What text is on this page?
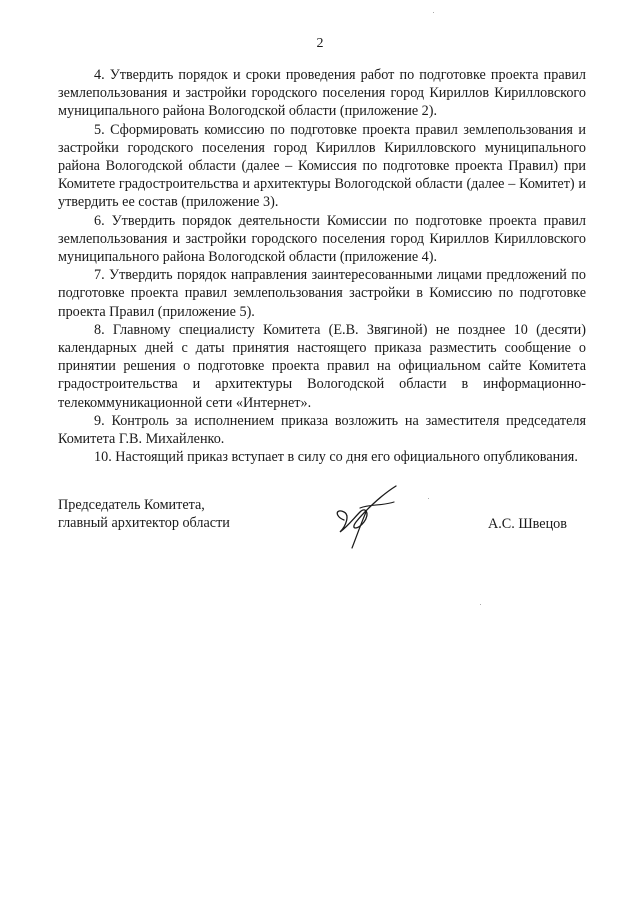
2

4. Утвердить порядок и сроки проведения работ по подготовке проекта правил землепользования и застройки городского поселения город Кириллов Кирилловского муниципального района Вологодской области (приложение 2).

5. Сформировать комиссию по подготовке проекта правил землепользования и застройки городского поселения город Кириллов Кирилловского муниципального района Вологодской области (далее – Комиссия по подготовке проекта Правил) при Комитете градостроительства и архитектуры Вологодской области (далее – Комитет) и утвердить ее состав (приложение 3).

6. Утвердить порядок деятельности Комиссии по подготовке проекта правил землепользования и застройки городского поселения город Кириллов Кирилловского муниципального района Вологодской области (приложение 4).

7. Утвердить порядок направления заинтересованными лицами предложений по подготовке проекта правил землепользования застройки в Комиссию по подготовке проекта Правил (приложение 5).

8. Главному специалисту Комитета (Е.В. Звягиной) не позднее 10 (десяти) календарных дней с даты принятия настоящего приказа разместить сообщение о принятии решения о подготовке проекта правил на официальном сайте Комитета градостроительства и архитектуры Вологодской области в информационно-телекоммуникационной сети «Интернет».

9. Контроль за исполнением приказа возложить на заместителя председателя Комитета Г.В. Михайленко.

10. Настоящий приказ вступает в силу со дня его официального опубликования.

Председатель Комитета,
главный архитектор области	А.С. Швецов
